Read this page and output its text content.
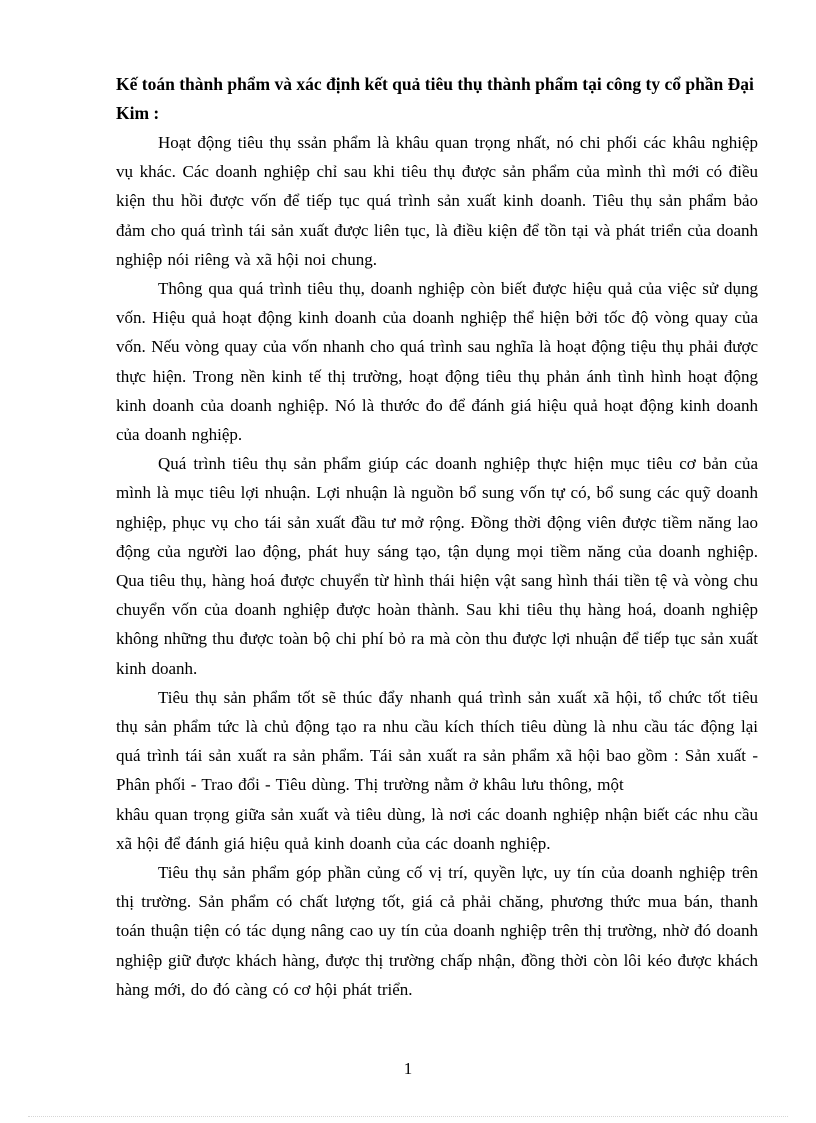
Kế toán thành phẩm và xác định kết quả tiêu thụ thành phẩm tại công ty cổ phần Đại Kim :

Hoạt động tiêu thụ ssản phẩm là khâu quan trọng nhất, nó chi phối các khâu nghiệp vụ khác. Các doanh nghiệp chỉ sau khi tiêu thụ được sản phẩm của mình thì mới có điều kiện thu hồi được vốn để tiếp tục quá trình sản xuất kinh doanh. Tiêu thụ sản phẩm bảo đảm cho quá trình tái sản xuất được liên tục, là điều kiện để tồn tại và phát triển của doanh nghiệp nói riêng và xã hội noi chung.

Thông qua quá trình tiêu thụ, doanh nghiệp còn biết được hiệu quả của việc sử dụng vốn. Hiệu quả hoạt động kinh doanh của doanh nghiệp thể hiện bởi tốc độ vòng quay của vốn. Nếu vòng quay của vốn nhanh cho quá trình sau nghĩa là hoạt động tiệu thụ phải được thực hiện. Trong nền kinh tế thị trường, hoạt động tiêu thụ phản ánh tình hình hoạt động kinh doanh của doanh nghiệp. Nó là thước đo để đánh giá hiệu quả hoạt động kinh doanh của doanh nghiệp.

Quá trình tiêu thụ sản phẩm giúp các doanh nghiệp thực hiện mục tiêu cơ bản của mình là mục tiêu lợi nhuận. Lợi nhuận là nguồn bổ sung vốn tự có, bổ sung các quỹ doanh nghiệp, phục vụ cho tái sản xuất đầu tư mở rộng. Đồng thời động viên được tiềm năng lao động của người lao động, phát huy sáng tạo, tận dụng mọi tiềm năng của doanh nghiệp. Qua tiêu thụ, hàng hoá được chuyển từ hình thái hiện vật sang hình thái tiền tệ và vòng chu chuyển vốn của doanh nghiệp được hoàn thành. Sau khi tiêu thụ hàng hoá, doanh nghiệp không những thu được toàn bộ chi phí bỏ ra mà còn thu được lợi nhuận để tiếp tục sản xuất kinh doanh.

Tiêu thụ sản phẩm tốt sẽ thúc đẩy nhanh quá trình sản xuất xã hội, tổ chức tốt tiêu thụ sản phẩm tức là chủ động tạo ra nhu cầu kích thích tiêu dùng là nhu cầu tác động lại quá trình tái sản xuất ra sản phẩm. Tái sản xuất ra sản phẩm xã hội bao gồm : Sản xuất - Phân phối - Trao đổi - Tiêu dùng. Thị trường nằm ở khâu lưu thông, một

khâu quan trọng giữa sản xuất và tiêu dùng, là nơi các doanh nghiệp nhận biết các nhu cầu xã hội để đánh giá hiệu quả kinh doanh của các doanh nghiệp.

Tiêu thụ sản phẩm góp phần củng cố vị trí, quyền lực, uy tín của doanh nghiệp trên thị trường. Sản phẩm có chất lượng tốt, giá cả phải chăng, phương thức mua bán, thanh toán thuận tiện có tác dụng nâng cao uy tín của doanh nghiệp trên thị trường, nhờ đó doanh nghiệp giữ được khách hàng, được thị trường chấp nhận, đồng thời còn lôi kéo được khách hàng mới, do đó càng có cơ hội phát triển.

1
